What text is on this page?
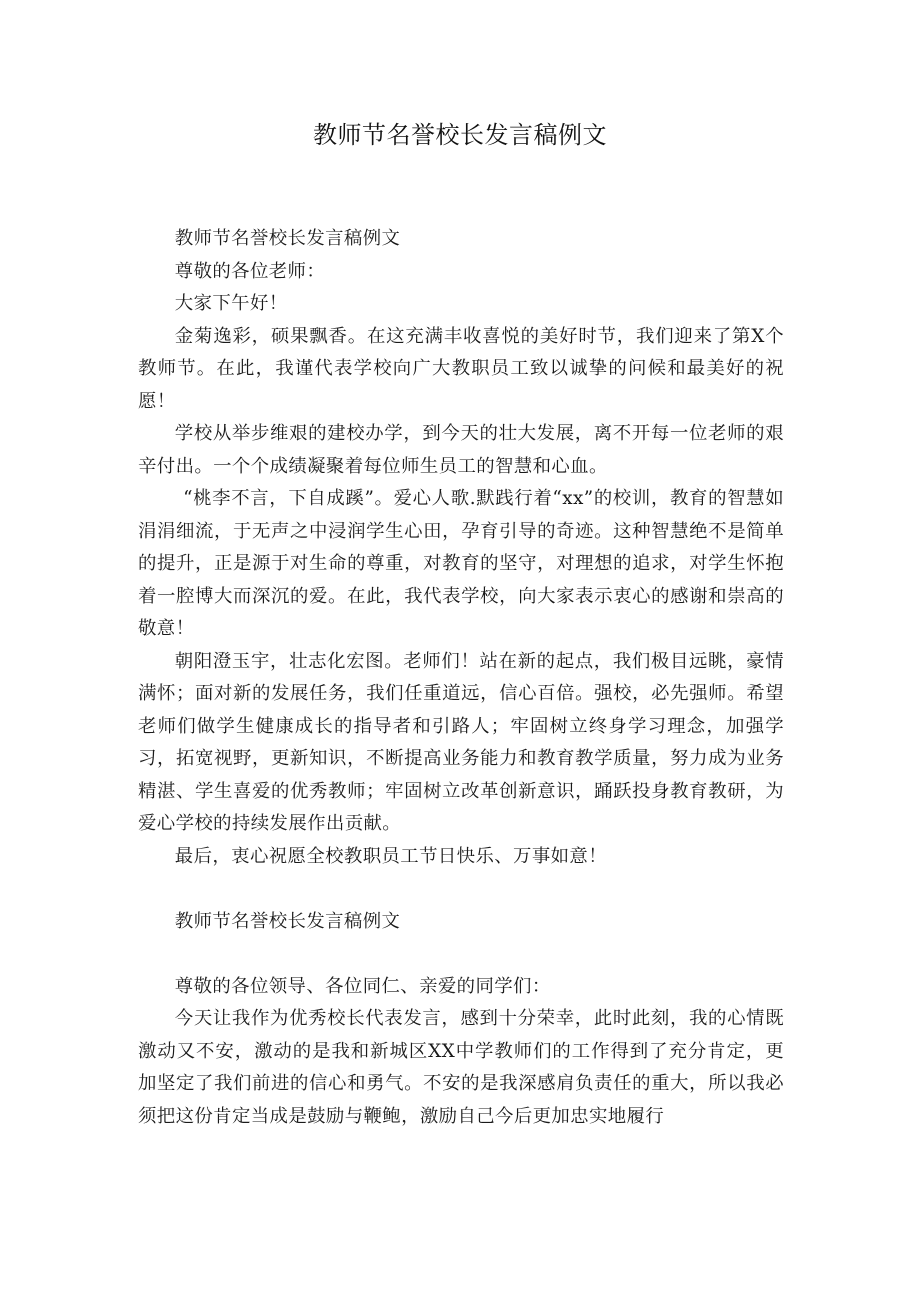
教师节名誉校长发言稿例文

教师节名誉校长发言稿例文

尊敬的各位老师：

大家下午好！

金菊逸彩，硕果飘香。在这充满丰收喜悦的美好时节，我们迎来了第X个教师节。在此，我谨代表学校向广大教职员工致以诚挚的问候和最美好的祝愿！

学校从举步维艰的建校办学，到今天的壮大发展，离不开每一位老师的艰辛付出。一个个成绩凝聚着每位师生员工的智慧和心血。

“桃李不言，下自成蹊”。爱心人歌.默践行着“xx”的校训，教育的智慧如涓涓细流，于无声之中浸润学生心田，孕育引导的奇迹。这种智慧绝不是简单的提升，正是源于对生命的尊重，对教育的坚守，对理想的追求，对学生怀抱着一腔博大而深沉的爱。在此，我代表学校，向大家表示衷心的感谢和崇高的敬意！

朝阳澄玉宇，壮志化宏图。老师们！站在新的起点，我们极目远眺，豪情满怀；面对新的发展任务，我们任重道远，信心百倍。强校，必先强师。希望老师们做学生健康成长的指导者和引路人；牢固树立终身学习理念，加强学习，拓宽视野，更新知识，不断提高业务能力和教育教学质量，努力成为业务精湛、学生喜爱的优秀教师；牢固树立改革创新意识，踊跃投身教育教研，为爱心学校的持续发展作出贡献。

最后，衷心祝愿全校教职员工节日快乐、万事如意！

教师节名誉校长发言稿例文

尊敬的各位领导、各位同仁、亲爱的同学们：

今天让我作为优秀校长代表发言，感到十分荣幸，此时此刻，我的心情既激动又不安，激动的是我和新城区XX中学教师们的工作得到了充分肯定，更加坚定了我们前进的信心和勇气。不安的是我深感肩负责任的重大，所以我必须把这份肯定当成是鼓励与鞭鲍，激励自己今后更加忠实地履行
